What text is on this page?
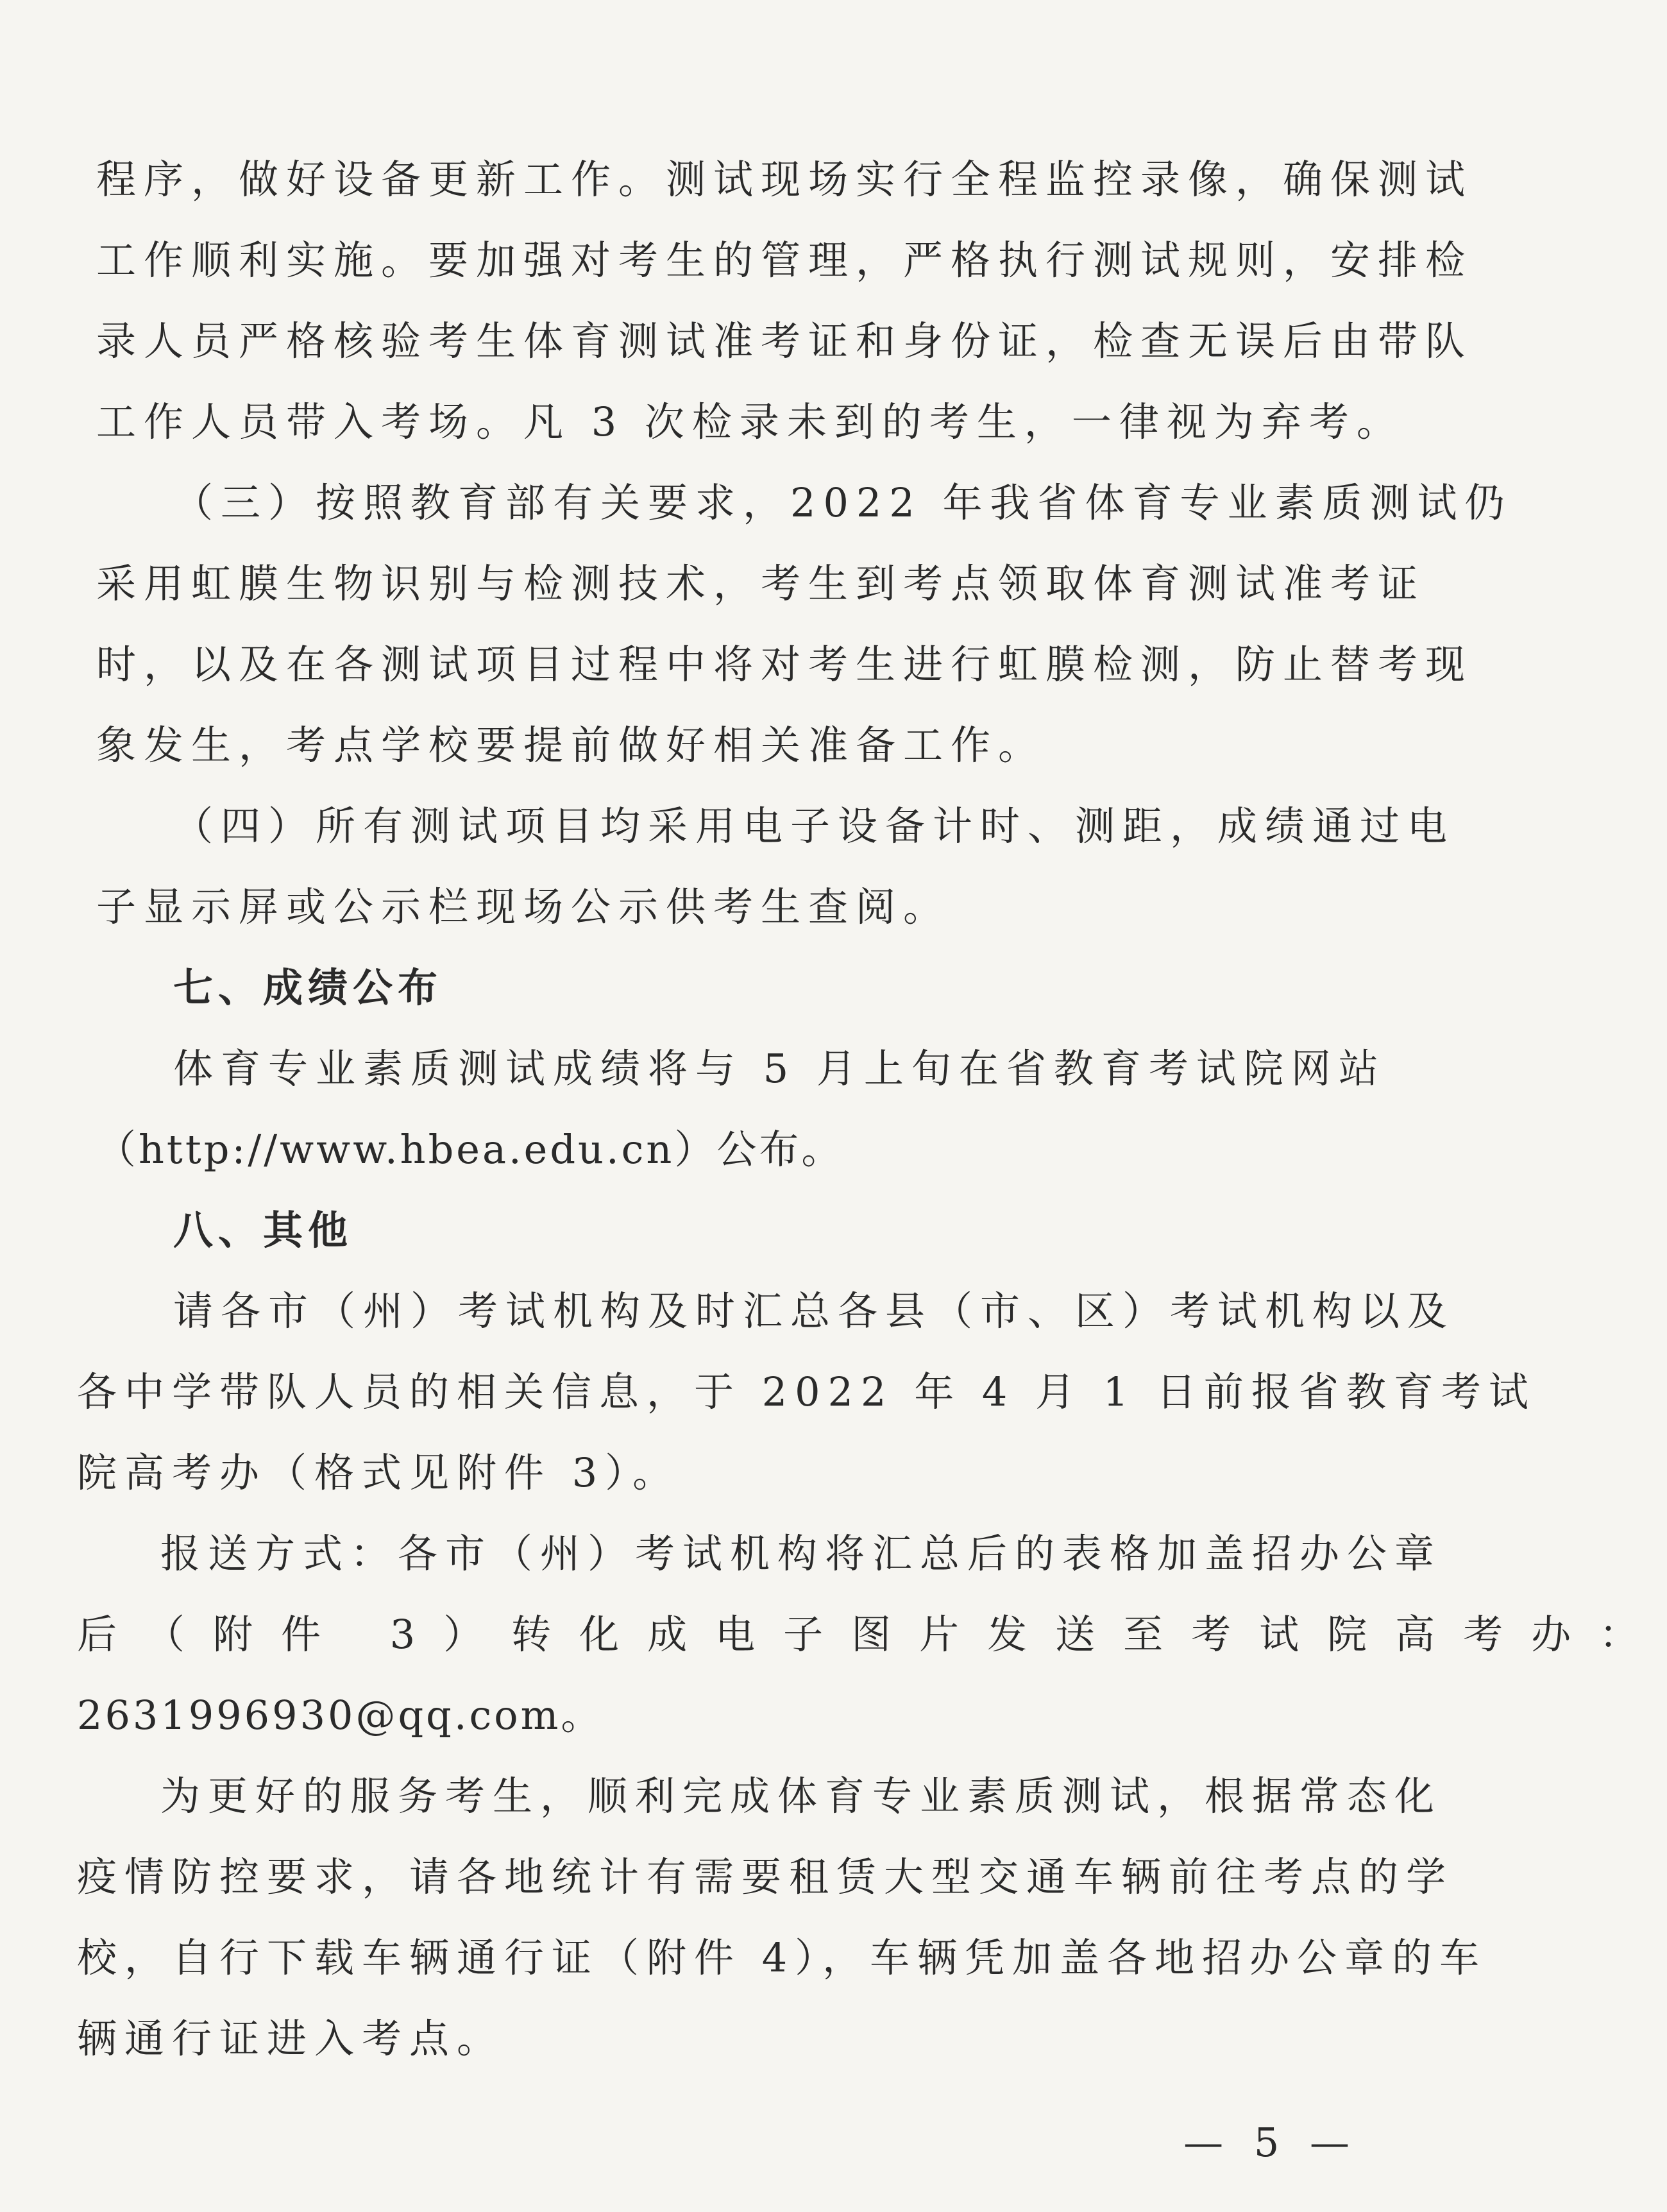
程序，做好设备更新工作。测试现场实行全程监控录像，确保测试
工作顺利实施。要加强对考生的管理，严格执行测试规则，安排检
录人员严格核验考生体育测试准考证和身份证，检查无误后由带队
工作人员带入考场。凡 3 次检录未到的考生，一律视为弃考。
（三）按照教育部有关要求，2022 年我省体育专业素质测试仍
采用虹膜生物识别与检测技术，考生到考点领取体育测试准考证
时，以及在各测试项目过程中将对考生进行虹膜检测，防止替考现
象发生，考点学校要提前做好相关准备工作。
（四）所有测试项目均采用电子设备计时、测距，成绩通过电
子显示屏或公示栏现场公示供考生查阅。
七、成绩公布
体育专业素质测试成绩将与 5 月上旬在省教育考试院网站
（http://www.hbea.edu.cn）公布。
八、其他
请各市（州）考试机构及时汇总各县（市、区）考试机构以及
各中学带队人员的相关信息，于 2022 年 4 月 1 日前报省教育考试
院高考办（格式见附件 3）。
报送方式：各市（州）考试机构将汇总后的表格加盖招办公章
后（附件 3）转化成电子图片发送至考试院高考办：
2631996930@qq.com。
为更好的服务考生，顺利完成体育专业素质测试，根据常态化
疫情防控要求，请各地统计有需要租赁大型交通车辆前往考点的学
校，自行下载车辆通行证（附件 4），车辆凭加盖各地招办公章的车
辆通行证进入考点。
— 5 —
